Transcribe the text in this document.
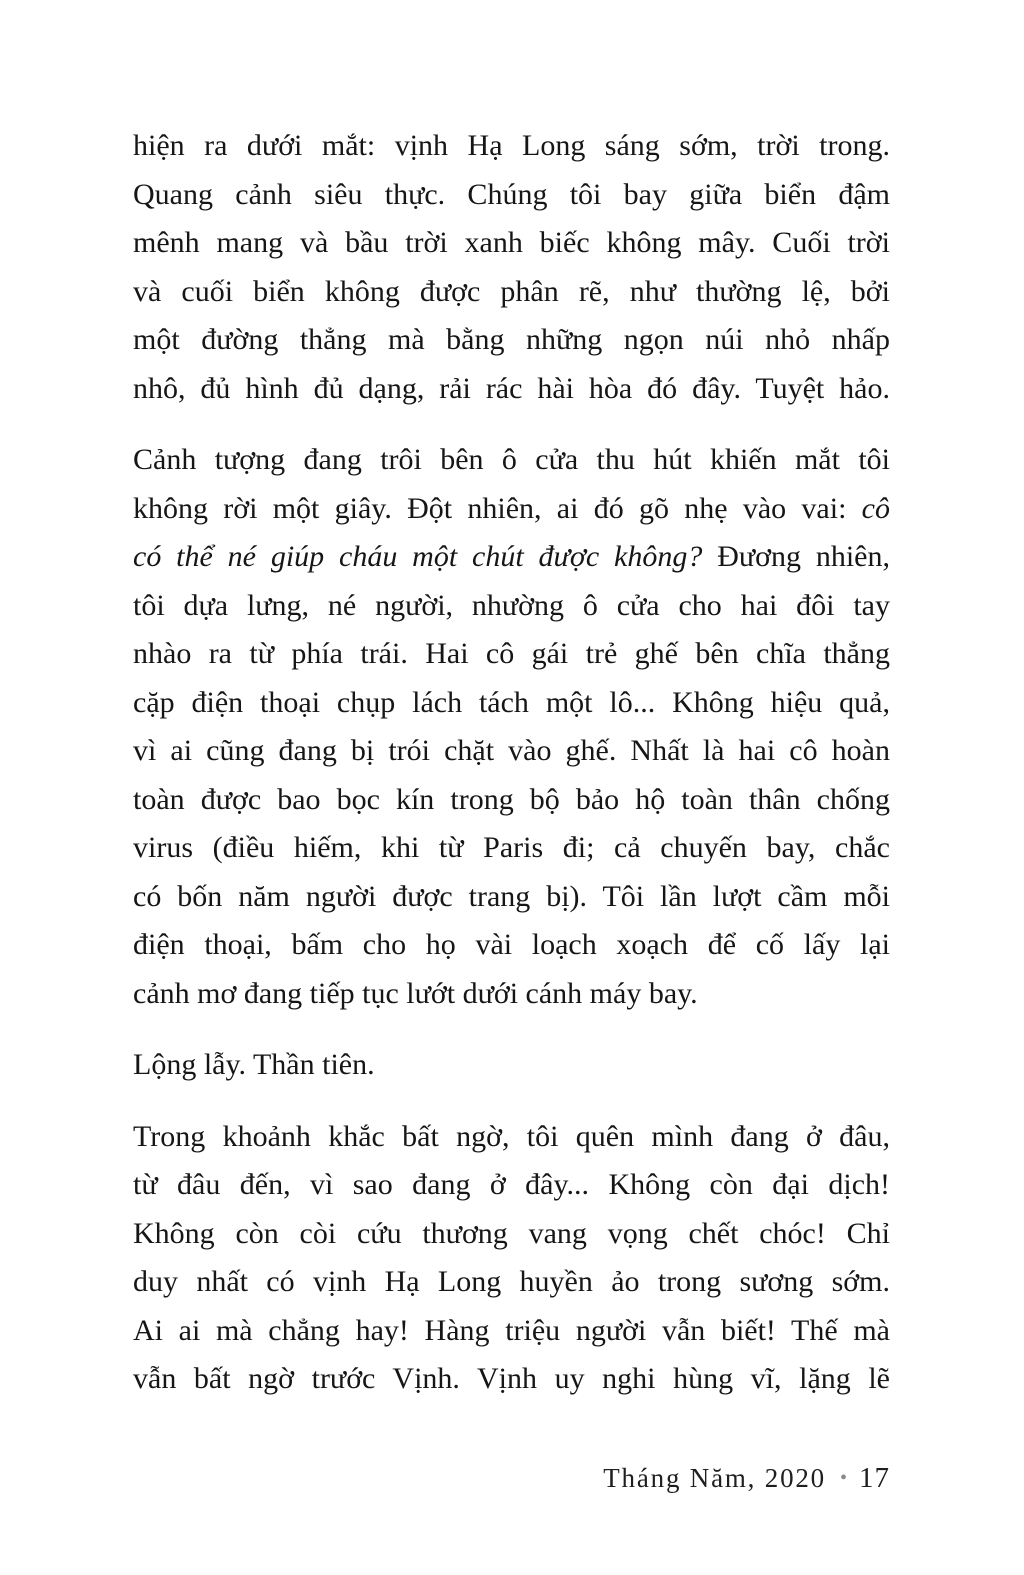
hiện ra dưới mắt: vịnh Hạ Long sáng sớm, trời trong.
Quang cảnh siêu thực. Chúng tôi bay giữa biển đậm
mênh mang và bầu trời xanh biếc không mây. Cuối trời
và cuối biển không được phân rẽ, như thường lệ, bởi
một đường thẳng mà bằng những ngọn núi nhỏ nhấp
nhô, đủ hình đủ dạng, rải rác hài hòa đó đây. Tuyệt hảo.
Cảnh tượng đang trôi bên ô cửa thu hút khiến mắt tôi
không rời một giây. Đột nhiên, ai đó gõ nhẹ vào vai: cô
có thể né giúp cháu một chút được không? Đương nhiên,
tôi dựa lưng, né người, nhường ô cửa cho hai đôi tay
nhào ra từ phía trái. Hai cô gái trẻ ghế bên chĩa thẳng
cặp điện thoại chụp lách tách một lô... Không hiệu quả,
vì ai cũng đang bị trói chặt vào ghế. Nhất là hai cô hoàn
toàn được bao bọc kín trong bộ bảo hộ toàn thân chống
virus (điều hiếm, khi từ Paris đi; cả chuyến bay, chắc
có bốn năm người được trang bị). Tôi lần lượt cầm mỗi
điện thoại, bấm cho họ vài loạch xoạch để cố lấy lại
cảnh mơ đang tiếp tục lướt dưới cánh máy bay.
Lộng lẫy. Thần tiên.
Trong khoảnh khắc bất ngờ, tôi quên mình đang ở đâu,
từ đâu đến, vì sao đang ở đây... Không còn đại dịch!
Không còn còi cứu thương vang vọng chết chóc! Chỉ
duy nhất có vịnh Hạ Long huyền ảo trong sương sớm.
Ai ai mà chẳng hay! Hàng triệu người vẫn biết! Thế mà
vẫn bất ngờ trước Vịnh. Vịnh uy nghi hùng vĩ, lặng lẽ
Tháng Năm, 2020 • 17
